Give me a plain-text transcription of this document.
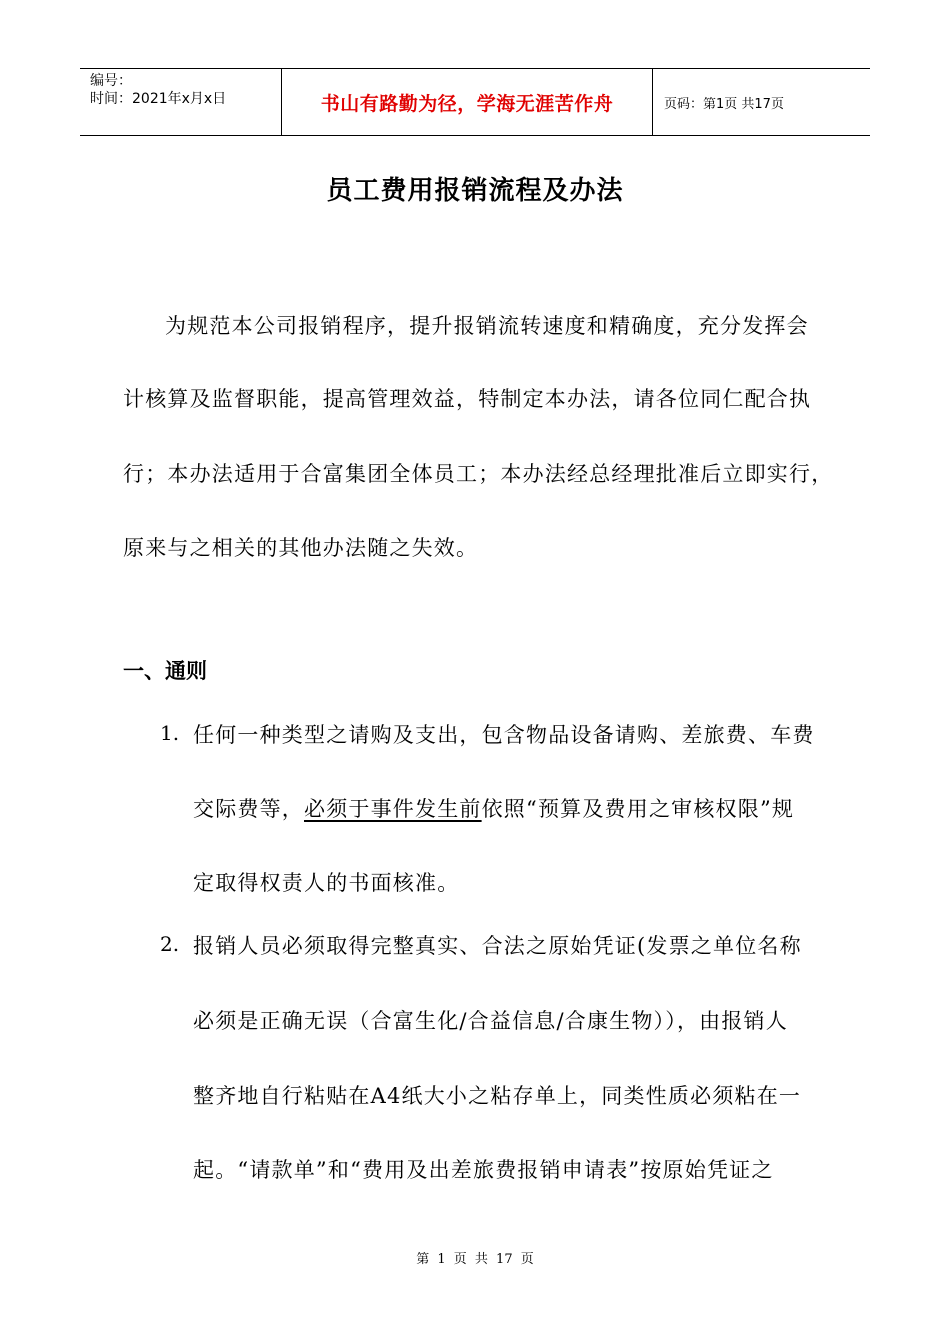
编号：
时间：2021年x月x日	书山有路勤为径，学海无涯苦作舟	页码：第1页 共17页
员工费用报销流程及办法
为规范本公司报销程序，提升报销流转速度和精确度，充分发挥会
计核算及监督职能，提高管理效益，特制定本办法，请各位同仁配合执
行；本办法适用于合富集团全体员工；本办法经总经理批准后立即实行，
原来与之相关的其他办法随之失效。
一、通则
1. 任何一种类型之请购及支出，包含物品设备请购、差旅费、车费
交际费等，必须于事件发生前依照“预算及费用之审核权限”规
定取得权责人的书面核准。
2. 报销人员必须取得完整真实、合法之原始凭证(发票之单位名称
必须是正确无误（合富生化/合益信息/合康生物）），由报销人
整齐地自行粘贴在A4纸大小之粘存单上，同类性质必须粘在一
起。“请款单”和“费用及出差旅费报销申请表”按原始凭证之
第 1 页 共 17 页
